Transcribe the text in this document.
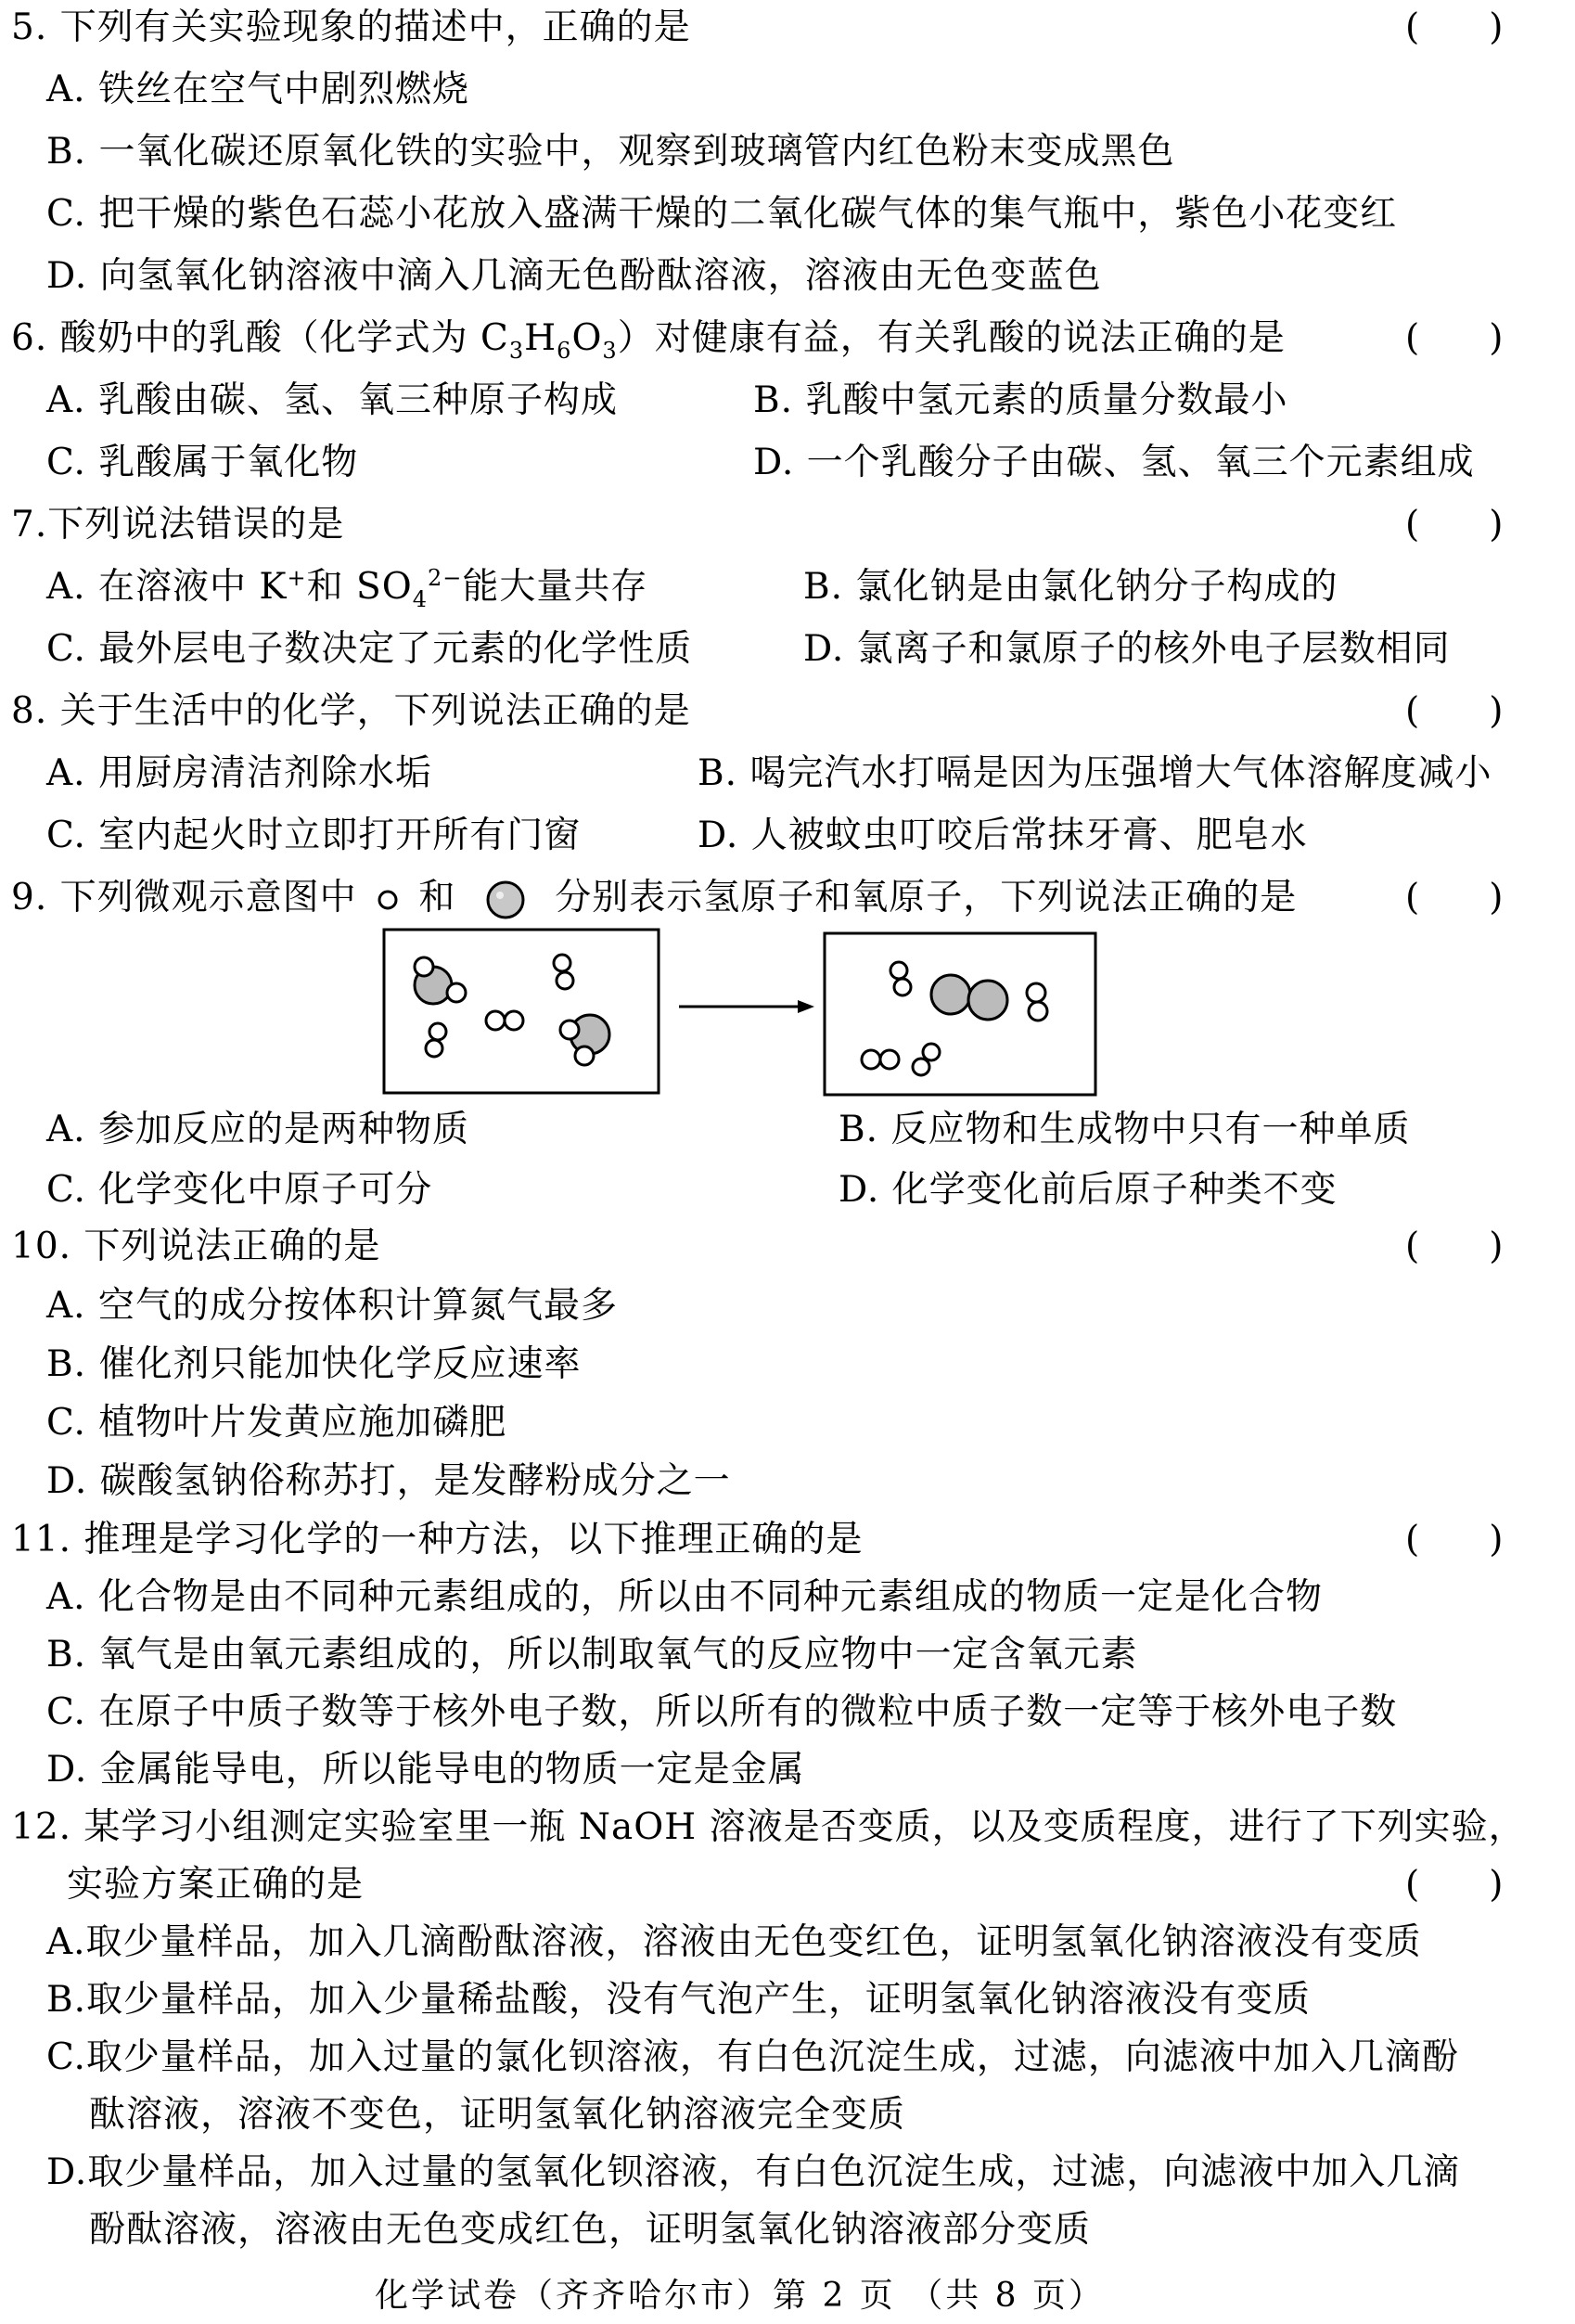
5. 下列有关实验现象的描述中，正确的是	( )
A. 铁丝在空气中剧烈燃烧
B. 一氧化碳还原氧化铁的实验中，观察到玻璃管内红色粉末变成黑色
C. 把干燥的紫色石蕊小花放入盛满干燥的二氧化碳气体的集气瓶中，紫色小花变红
D. 向氢氧化钠溶液中滴入几滴无色酚酞溶液，溶液由无色变蓝色
6. 酸奶中的乳酸（化学式为 $C_3H_6O_3$）对健康有益，有关乳酸的说法正确的是	( )
A. 乳酸由碳、氢、氧三种原子构成	B. 乳酸中氢元素的质量分数最小
C. 乳酸属于氧化物	D. 一个乳酸分子由碳、氢、氧三个元素组成
7.下列说法错误的是	( )
A. 在溶液中 K+和 $SO_4^{2-}$能大量共存	B. 氯化钠是由氯化钠分子构成的
C. 最外层电子数决定了元素的化学性质	D. 氯离子和氯原子的核外电子层数相同
8. 关于生活中的化学，下列说法正确的是	( )
A. 用厨房清洁剂除水垢	B. 喝完汽水打嗝是因为压强增大气体溶解度减小
C. 室内起火时立即打开所有门窗	D. 人被蚊虫叮咬后常抹牙膏、肥皂水
9. 下列微观示意图中 和	分别表示氢原子和氧原子，下列说法正确的是	( )
A. 参加反应的是两种物质	B. 反应物和生成物中只有一种单质
C. 化学变化中原子可分	D. 化学变化前后原子种类不变
10. 下列说法正确的是	( )
A. 空气的成分按体积计算氮气最多
B. 催化剂只能加快化学反应速率
C. 植物叶片发黄应施加磷肥
D. 碳酸氢钠俗称苏打，是发酵粉成分之一
11. 推理是学习化学的一种方法，以下推理正确的是	( )
A. 化合物是由不同种元素组成的，所以由不同种元素组成的物质一定是化合物
B. 氧气是由氧元素组成的，所以制取氧气的反应物中一定含氧元素
C. 在原子中质子数等于核外电子数，所以所有的微粒中质子数一定等于核外电子数
D. 金属能导电，所以能导电的物质一定是金属
12. 某学习小组测定实验室里一瓶 NaOH 溶液是否变质，以及变质程度，进行了下列实验，
实验方案正确的是	( )
A.取少量样品，加入几滴酚酞溶液，溶液由无色变红色，证明氢氧化钠溶液没有变质
B.取少量样品，加入少量稀盐酸，没有气泡产生，证明氢氧化钠溶液没有变质
C.取少量样品，加入过量的氯化钡溶液，有白色沉淀生成，过滤，向滤液中加入几滴酚
酞溶液，溶液不变色，证明氢氧化钠溶液完全变质
D.取少量样品，加入过量的氢氧化钡溶液，有白色沉淀生成，过滤，向滤液中加入几滴
酚酞溶液，溶液由无色变成红色，证明氢氧化钠溶液部分变质
化学试卷（齐齐哈尔市）第 2 页 （共 8 页）
